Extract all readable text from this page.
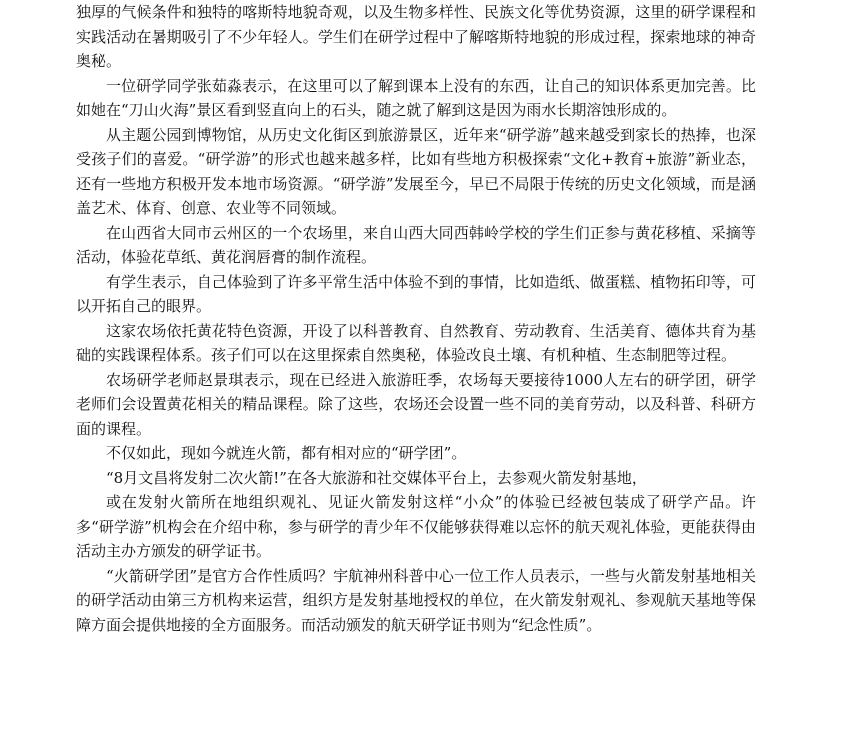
独厚的气候条件和独特的喀斯特地貌奇观，以及生物多样性、民族文化等优势资源，这里的研学课程和实践活动在暑期吸引了不少年轻人。学生们在研学过程中了解喀斯特地貌的形成过程，探索地球的神奇奥秘。

一位研学同学张茹淼表示，在这里可以了解到课本上没有的东西，让自己的知识体系更加完善。比如她在“刀山火海”景区看到竖直向上的石头，随之就了解到这是因为雨水长期溶蚀形成的。

从主题公园到博物馆，从历史文化街区到旅游景区，近年来“研学游”越来越受到家长的热捧，也深受孩子们的喜爱。“研学游”的形式也越来越多样，比如有些地方积极探索“文化+教育+旅游”新业态，还有一些地方积极开发本地市场资源。“研学游”发展至今，早已不局限于传统的历史文化领域，而是涵盖艺术、体育、创意、农业等不同领域。

在山西省大同市云州区的一个农场里，来自山西大同西韩岭学校的学生们正参与黄花移植、采摘等活动，体验花草纸、黄花润唇膏的制作流程。

有学生表示，自己体验到了许多平常生活中体验不到的事情，比如造纸、做蛋糕、植物拓印等，可以开拓自己的眼界。

这家农场依托黄花特色资源，开设了以科普教育、自然教育、劳动教育、生活美育、德体共育为基础的实践课程体系。孩子们可以在这里探索自然奥秘，体验改良土壤、有机种植、生态制肥等过程。

农场研学老师赵景琪表示，现在已经进入旅游旺季，农场每天要接待1000人左右的研学团，研学老师们会设置黄花相关的精品课程。除了这些，农场还会设置一些不同的美育劳动，以及科普、科研方面的课程。

不仅如此，现如今就连火箭，都有相对应的“研学团”。

“8月文昌将发射二次火箭!”在各大旅游和社交媒体平台上，去参观火箭发射基地，

或在发射火箭所在地组织观礼、见证火箭发射这样“小众”的体验已经被包装成了研学产品。许多“研学游”机构会在介绍中称，参与研学的青少年不仅能够获得难以忘怀的航天观礼体验，更能获得由活动主办方颁发的研学证书。

“火箭研学团”是官方合作性质吗？宇航神州科普中心一位工作人员表示，一些与火箭发射基地相关的研学活动由第三方机构来运营，组织方是发射基地授权的单位，在火箭发射观礼、参观航天基地等保障方面会提供地接的全方面服务。而活动颁发的航天研学证书则为“纪念性质”。
